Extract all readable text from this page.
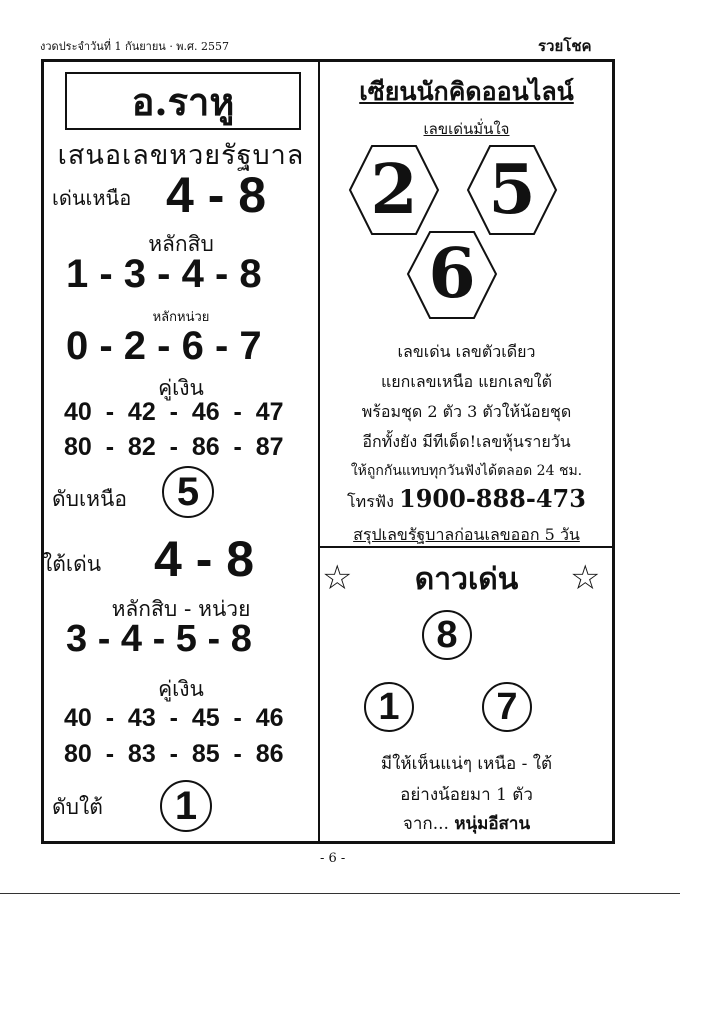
งวดประจำวันที่ 1 กันยายน · พ.ศ. 2557	รวยโชค
อ.ราหู
เสนอเลขหวยรัฐบาล
เด่นเหนือ 4 - 8
หลักสิบ
1 - 3 - 4 - 8
หลักหน่วย
0 - 2 - 6 - 7
คู่เงิน
40  -  42  -  46  -  47
80  -  82  -  86  -  87
ดับเหนือ 5
ใต้เด่น 4 - 8
หลักสิบ - หน่วย
3 - 4 - 5 - 8
คู่เงิน
40  -  43  -  45  -  46
80  -  83  -  85  -  86
ดับใต้ 1
เซียนนักคิดออนไลน์
เลขเด่นมั่นใจ
2 5
6
เลขเด่น เลขตัวเดียว
แยกเลขเหนือ แยกเลขใต้
พร้อมชุด 2 ตัว 3 ตัวให้น้อยชุด
อีกทั้งยัง มีทีเด็ด!เลขหุ้นรายวัน
ให้ถูกกันแทบทุกวันฟังได้ตลอด 24 ชม.
โทรฟัง 1900-888-473
สรุปเลขรัฐบาลก่อนเลขออก 5 วัน
☆	☆
ดาวเด่น
8
1	7
มีให้เห็นแน่ๆ เหนือ - ใต้
อย่างน้อยมา 1 ตัว
จาก... หนุ่มอีสาน
- 6 -
